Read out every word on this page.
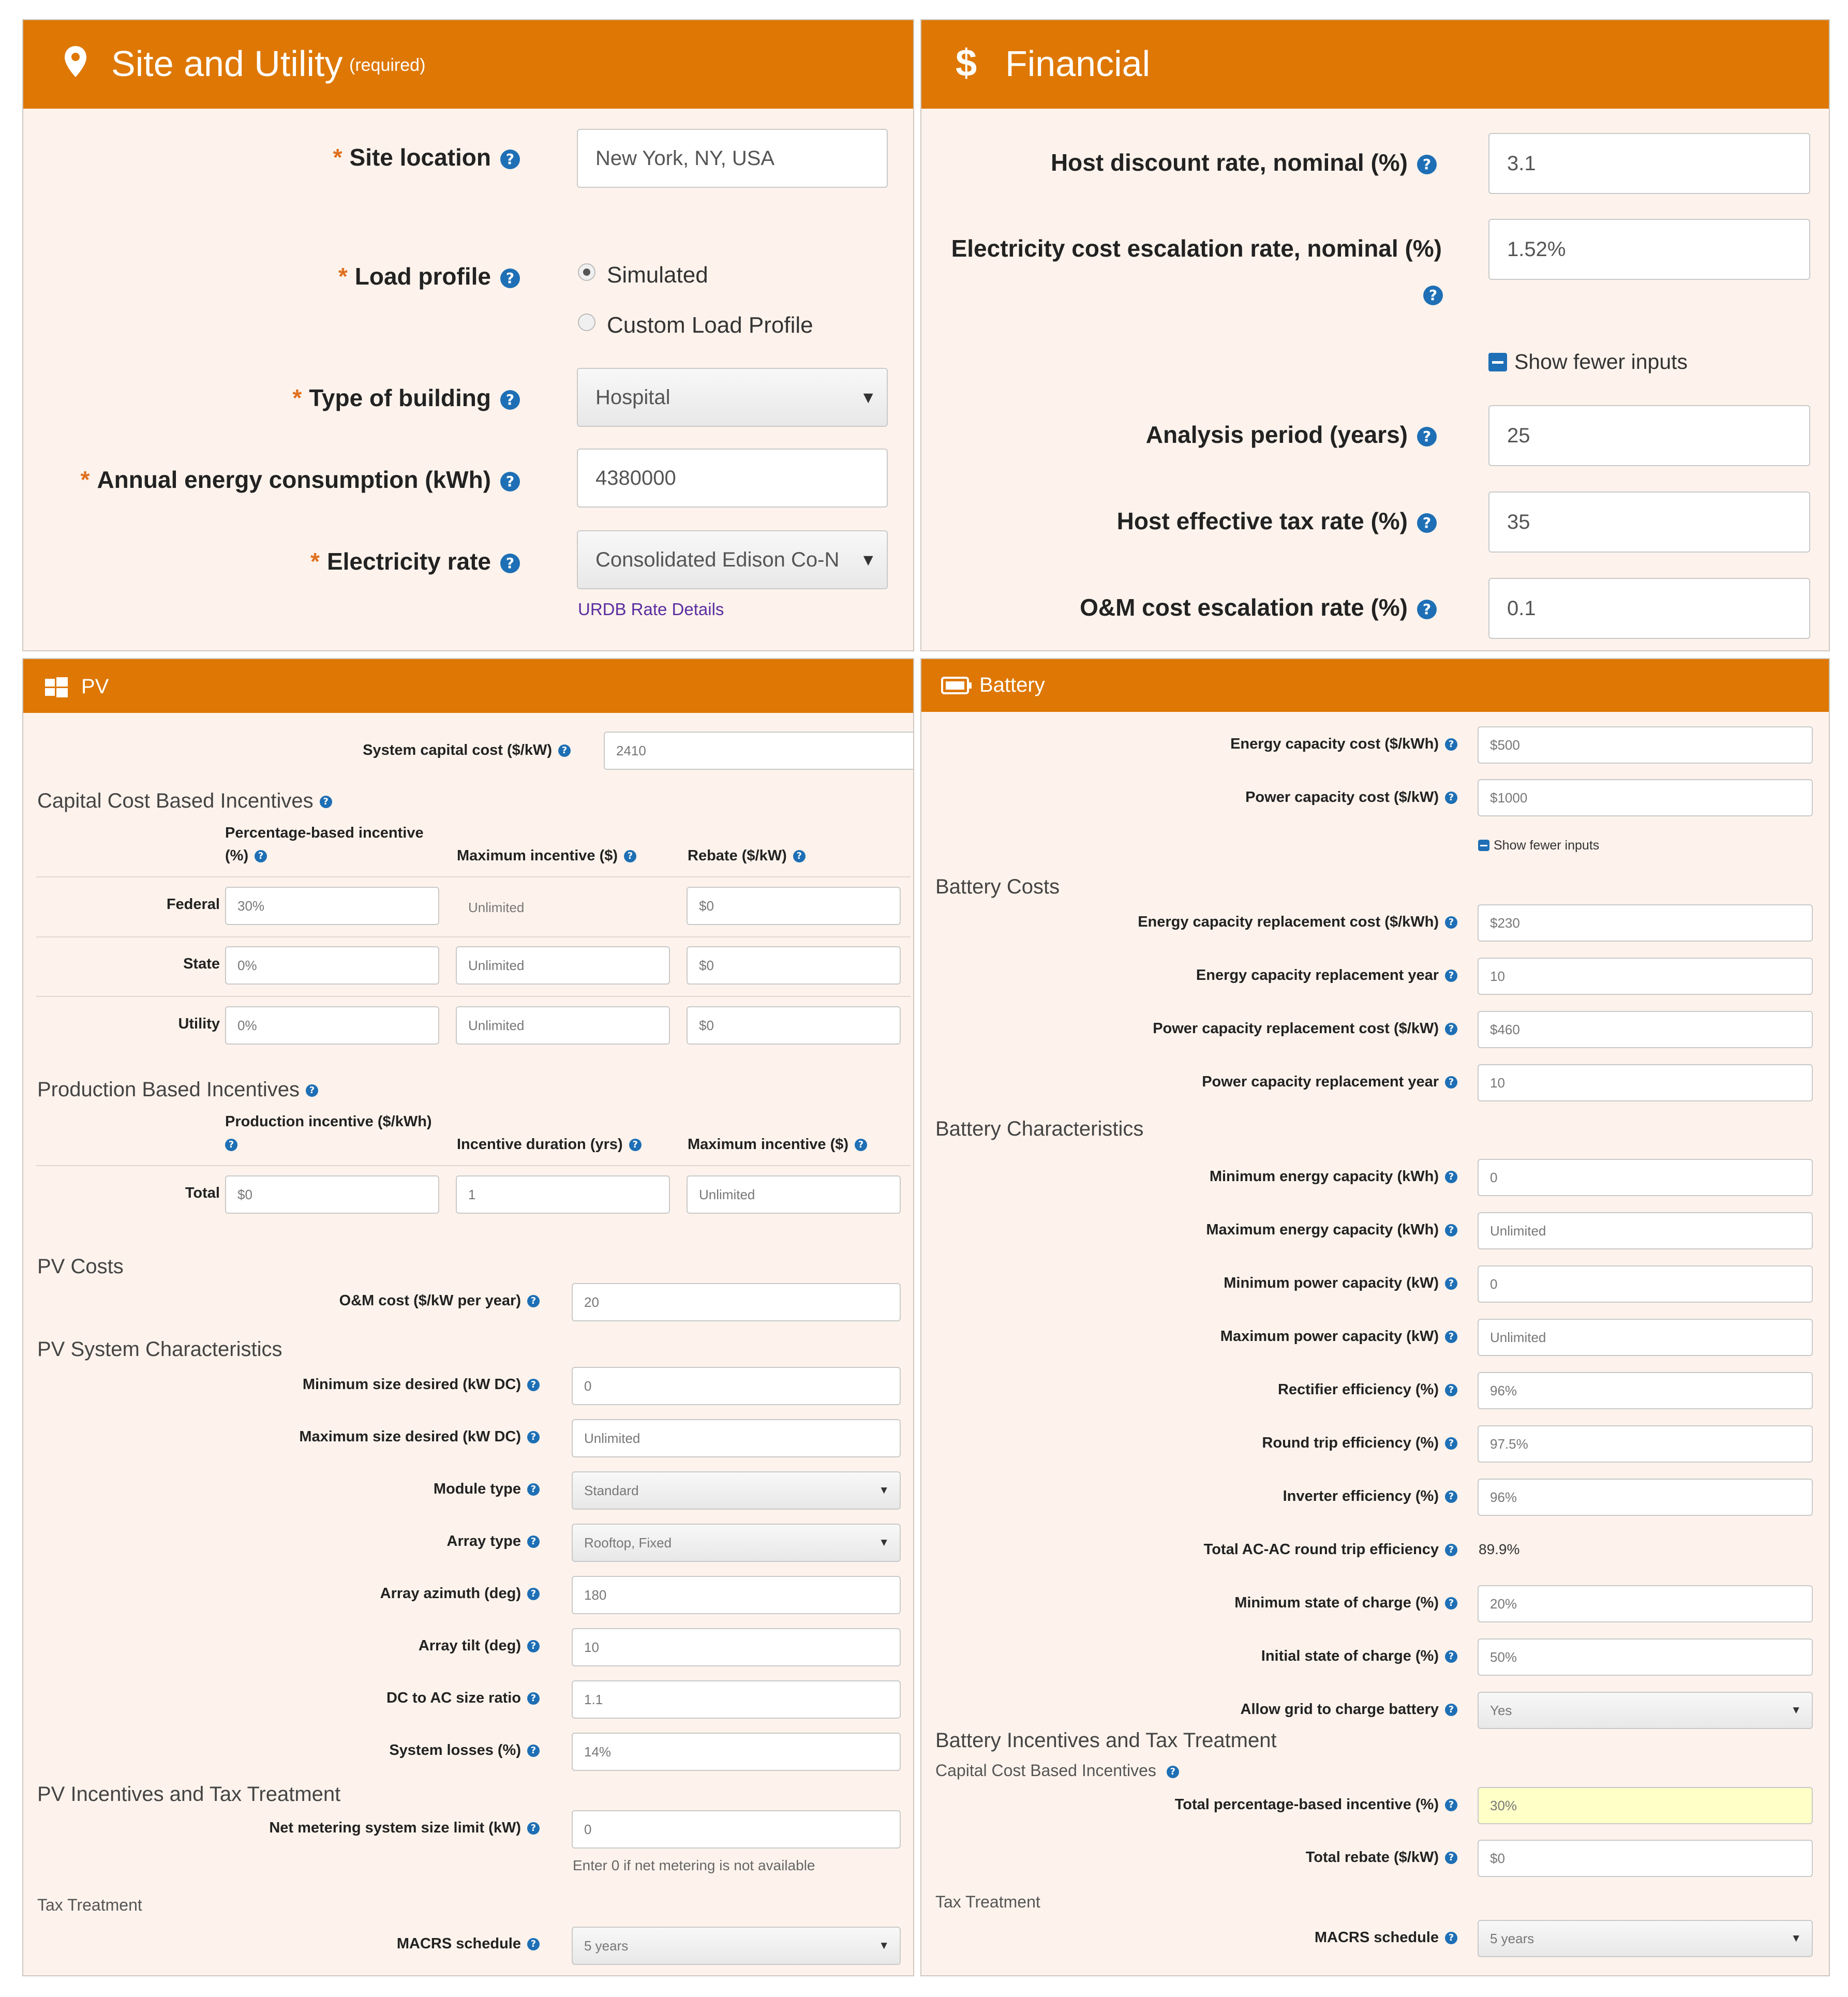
Site and Utility (required)
* Site location ?	New York, NY, USA
* Load profile ?	Simulated
Custom Load Profile
* Type of building ?	Hospital	▼
* Annual energy consumption (kWh) ?	4380000
* Electricity rate ?	Consolidated Edison Co-N ▼
URDB Rate Details
$ Financial
Host discount rate, nominal (%) ?	3.1
Electricity cost escalation rate, nominal (%)
?
1.52%
Show fewer inputs
Analysis period (years) ?	25
Host effective tax rate (%) ?	35
O&M cost escalation rate (%) ?	0.1
PV
System capital cost ($/kW) ?	2410
Capital Cost Based Incentives ?
Percentage-based incentive
(%) ?	Maximum incentive ($) ?	Rebate ($/kW) ?
Federal	30%	Unlimited	$0
State	0%	Unlimited	$0
Utility	0%	Unlimited	$0
Production Based Incentives ?
Production incentive ($/kWh)
?	Incentive duration (yrs) ?	Maximum incentive ($) ?
Total	$0	1	Unlimited
PV Costs
O&M cost ($/kW per year) ?	20
PV System Characteristics
Minimum size desired (kW DC) ?	0
Maximum size desired (kW DC) ?	Unlimited
Module type ?	Standard	▼
Array type ?	Rooftop, Fixed	▼
Array azimuth (deg) ?	180
Array tilt (deg) ?	10
DC to AC size ratio ?	1.1
System losses (%) ?	14%
PV Incentives and Tax Treatment
Net metering system size limit (kW) ?	0
Enter 0 if net metering is not available
Tax Treatment
MACRS schedule ?	5 years	▼
Battery
Energy capacity cost ($/kWh) ?	$500
Power capacity cost ($/kW) ?	$1000
Show fewer inputs
Battery Costs
Energy capacity replacement cost ($/kWh) ?	$230
Energy capacity replacement year ?	10
Power capacity replacement cost ($/kW) ?	$460
Power capacity replacement year ?	10
Battery Characteristics
Minimum energy capacity (kWh) ?	0
Maximum energy capacity (kWh) ?	Unlimited
Minimum power capacity (kW) ?	0
Maximum power capacity (kW) ?	Unlimited
Rectifier efficiency (%) ?	96%
Round trip efficiency (%) ?	97.5%
Inverter efficiency (%) ?	96%
Total AC-AC round trip efficiency ? 89.9%
Minimum state of charge (%) ?	20%
Initial state of charge (%) ?	50%
Allow grid to charge battery ?	Yes	▼
Battery Incentives and Tax Treatment
Capital Cost Based Incentives ?
Total percentage-based incentive (%) ?	30%
Total rebate ($/kW) ?	$0
Tax Treatment
MACRS schedule ?	5 years	▼
